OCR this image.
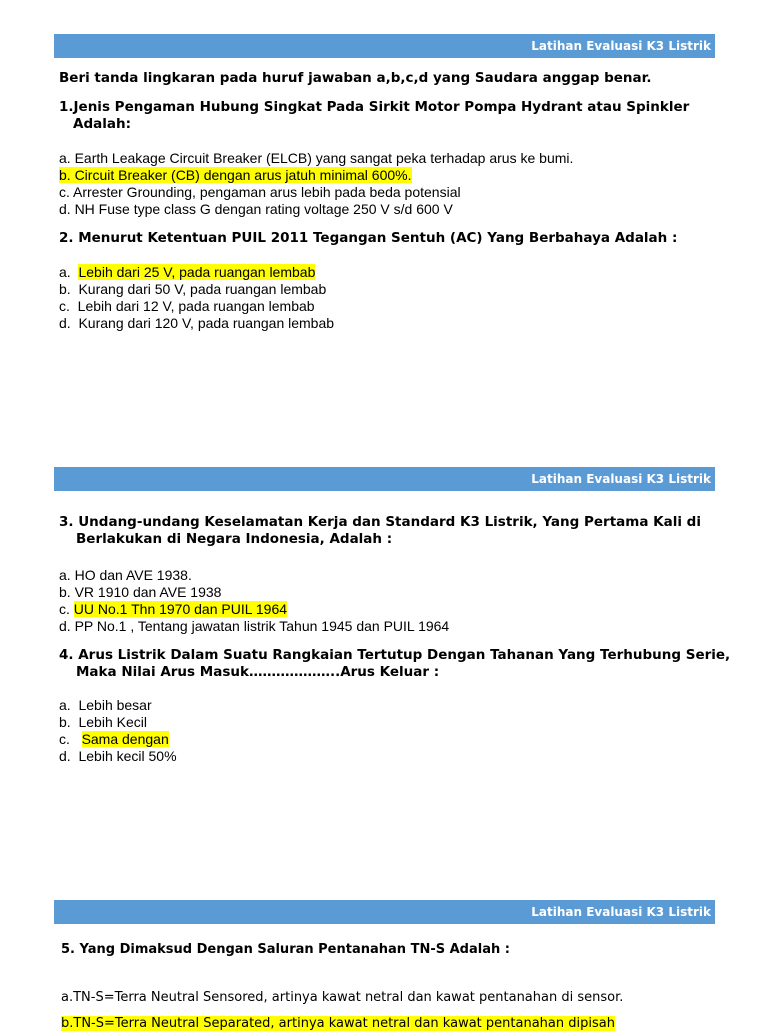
Latihan Evaluasi K3 Listrik

Beri tanda lingkaran pada huruf jawaban a,b,c,d yang Saudara anggap benar.

1.Jenis Pengaman Hubung Singkat Pada Sirkit Motor Pompa Hydrant atau Spinkler
Adalah:
a. Earth Leakage Circuit Breaker (ELCB) yang sangat peka terhadap arus ke bumi.
b. Circuit Breaker (CB) dengan arus jatuh minimal 600%.
c. Arrester Grounding, pengaman arus lebih pada beda potensial
d. NH Fuse type class G dengan rating voltage 250 V s/d 600 V
2. Menurut Ketentuan PUIL 2011 Tegangan Sentuh (AC) Yang Berbahaya Adalah :
a. Lebih dari 25 V, pada ruangan lembab
b. Kurang dari 50 V, pada ruangan lembab
c. Lebih dari 12 V, pada ruangan lembab
d. Kurang dari 120 V, pada ruangan lembab
Latihan Evaluasi K3 Listrik
3. Undang-undang Keselamatan Kerja dan Standard K3 Listrik, Yang Pertama Kali di
Berlakukan di Negara Indonesia, Adalah :
a. HO dan AVE 1938.
b. VR 1910 dan AVE 1938
c. UU No.1 Thn 1970 dan PUIL 1964
d. PP No.1 , Tentang jawatan listrik Tahun 1945 dan PUIL 1964
4. Arus Listrik Dalam Suatu Rangkaian Tertutup Dengan Tahanan Yang Terhubung Serie,
Maka Nilai Arus Masuk………………..Arus Keluar :
a. Lebih besar
b. Lebih Kecil
c. Sama dengan
d. Lebih kecil 50%
Latihan Evaluasi K3 Listrik
5. Yang Dimaksud Dengan Saluran Pentanahan TN-S Adalah :
a.TN-S=Terra Neutral Sensored, artinya kawat netral dan kawat pentanahan di sensor.
b.TN-S=Terra Neutral Separated, artinya kawat netral dan kawat pentanahan dipisah
